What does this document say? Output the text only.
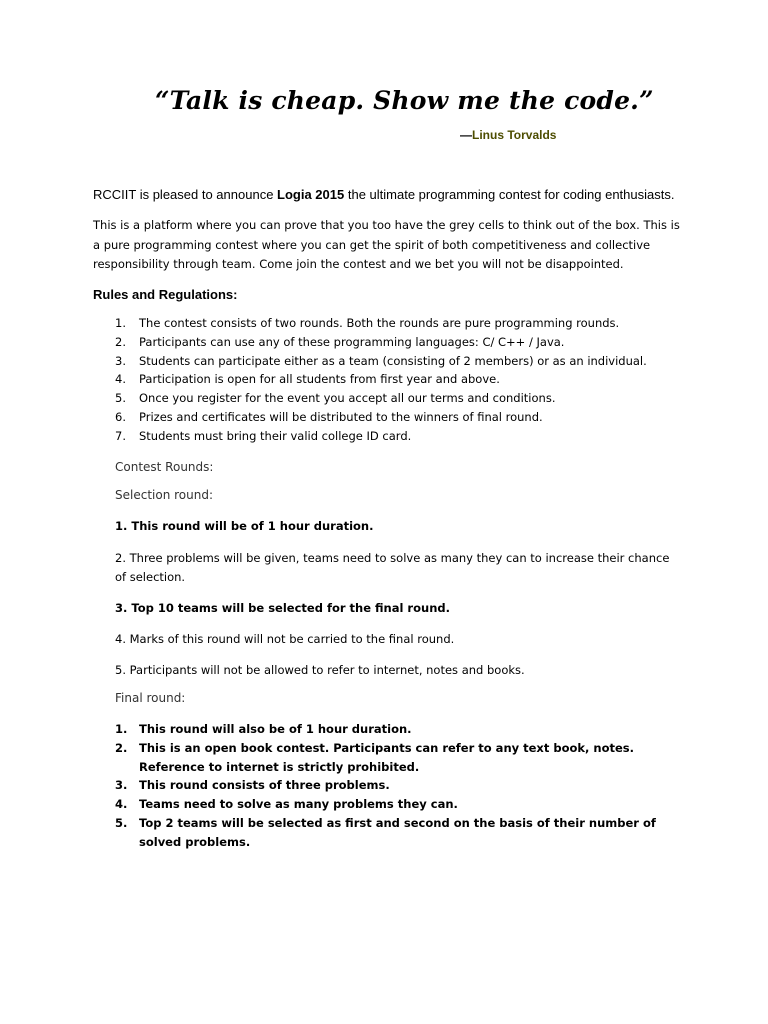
“Talk is cheap. Show me the code.”
—Linus Torvalds
RCCIIT is pleased to announce Logia 2015 the ultimate programming contest for coding enthusiasts.
This is a platform where you can prove that you too have the grey cells to think out of the box. This is a pure programming contest where you can get the spirit of both competitiveness and collective responsibility through team. Come join the contest and we bet you will not be disappointed.
Rules and Regulations:
1. The contest consists of two rounds. Both the rounds are pure programming rounds.
2. Participants can use any of these programming languages: C/ C++ / Java.
3. Students can participate either as a team (consisting of 2 members) or as an individual.
4. Participation is open for all students from first year and above.
5. Once you register for the event you accept all our terms and conditions.
6. Prizes and certificates will be distributed to the winners of final round.
7. Students must bring their valid college ID card.
Contest Rounds:
Selection round:
1. This round will be of 1 hour duration.
2. Three problems will be given, teams need to solve as many they can to increase their chance of selection.
3. Top 10 teams will be selected for the final round.
4. Marks of this round will not be carried to the final round.
5. Participants will not be allowed to refer to internet, notes and books.
Final round:
1. This round will also be of 1 hour duration.
2. This is an open book contest. Participants can refer to any text book, notes. Reference to internet is strictly prohibited.
3. This round consists of three problems.
4. Teams need to solve as many problems they can.
5. Top 2 teams will be selected as first and second on the basis of their number of solved problems.
